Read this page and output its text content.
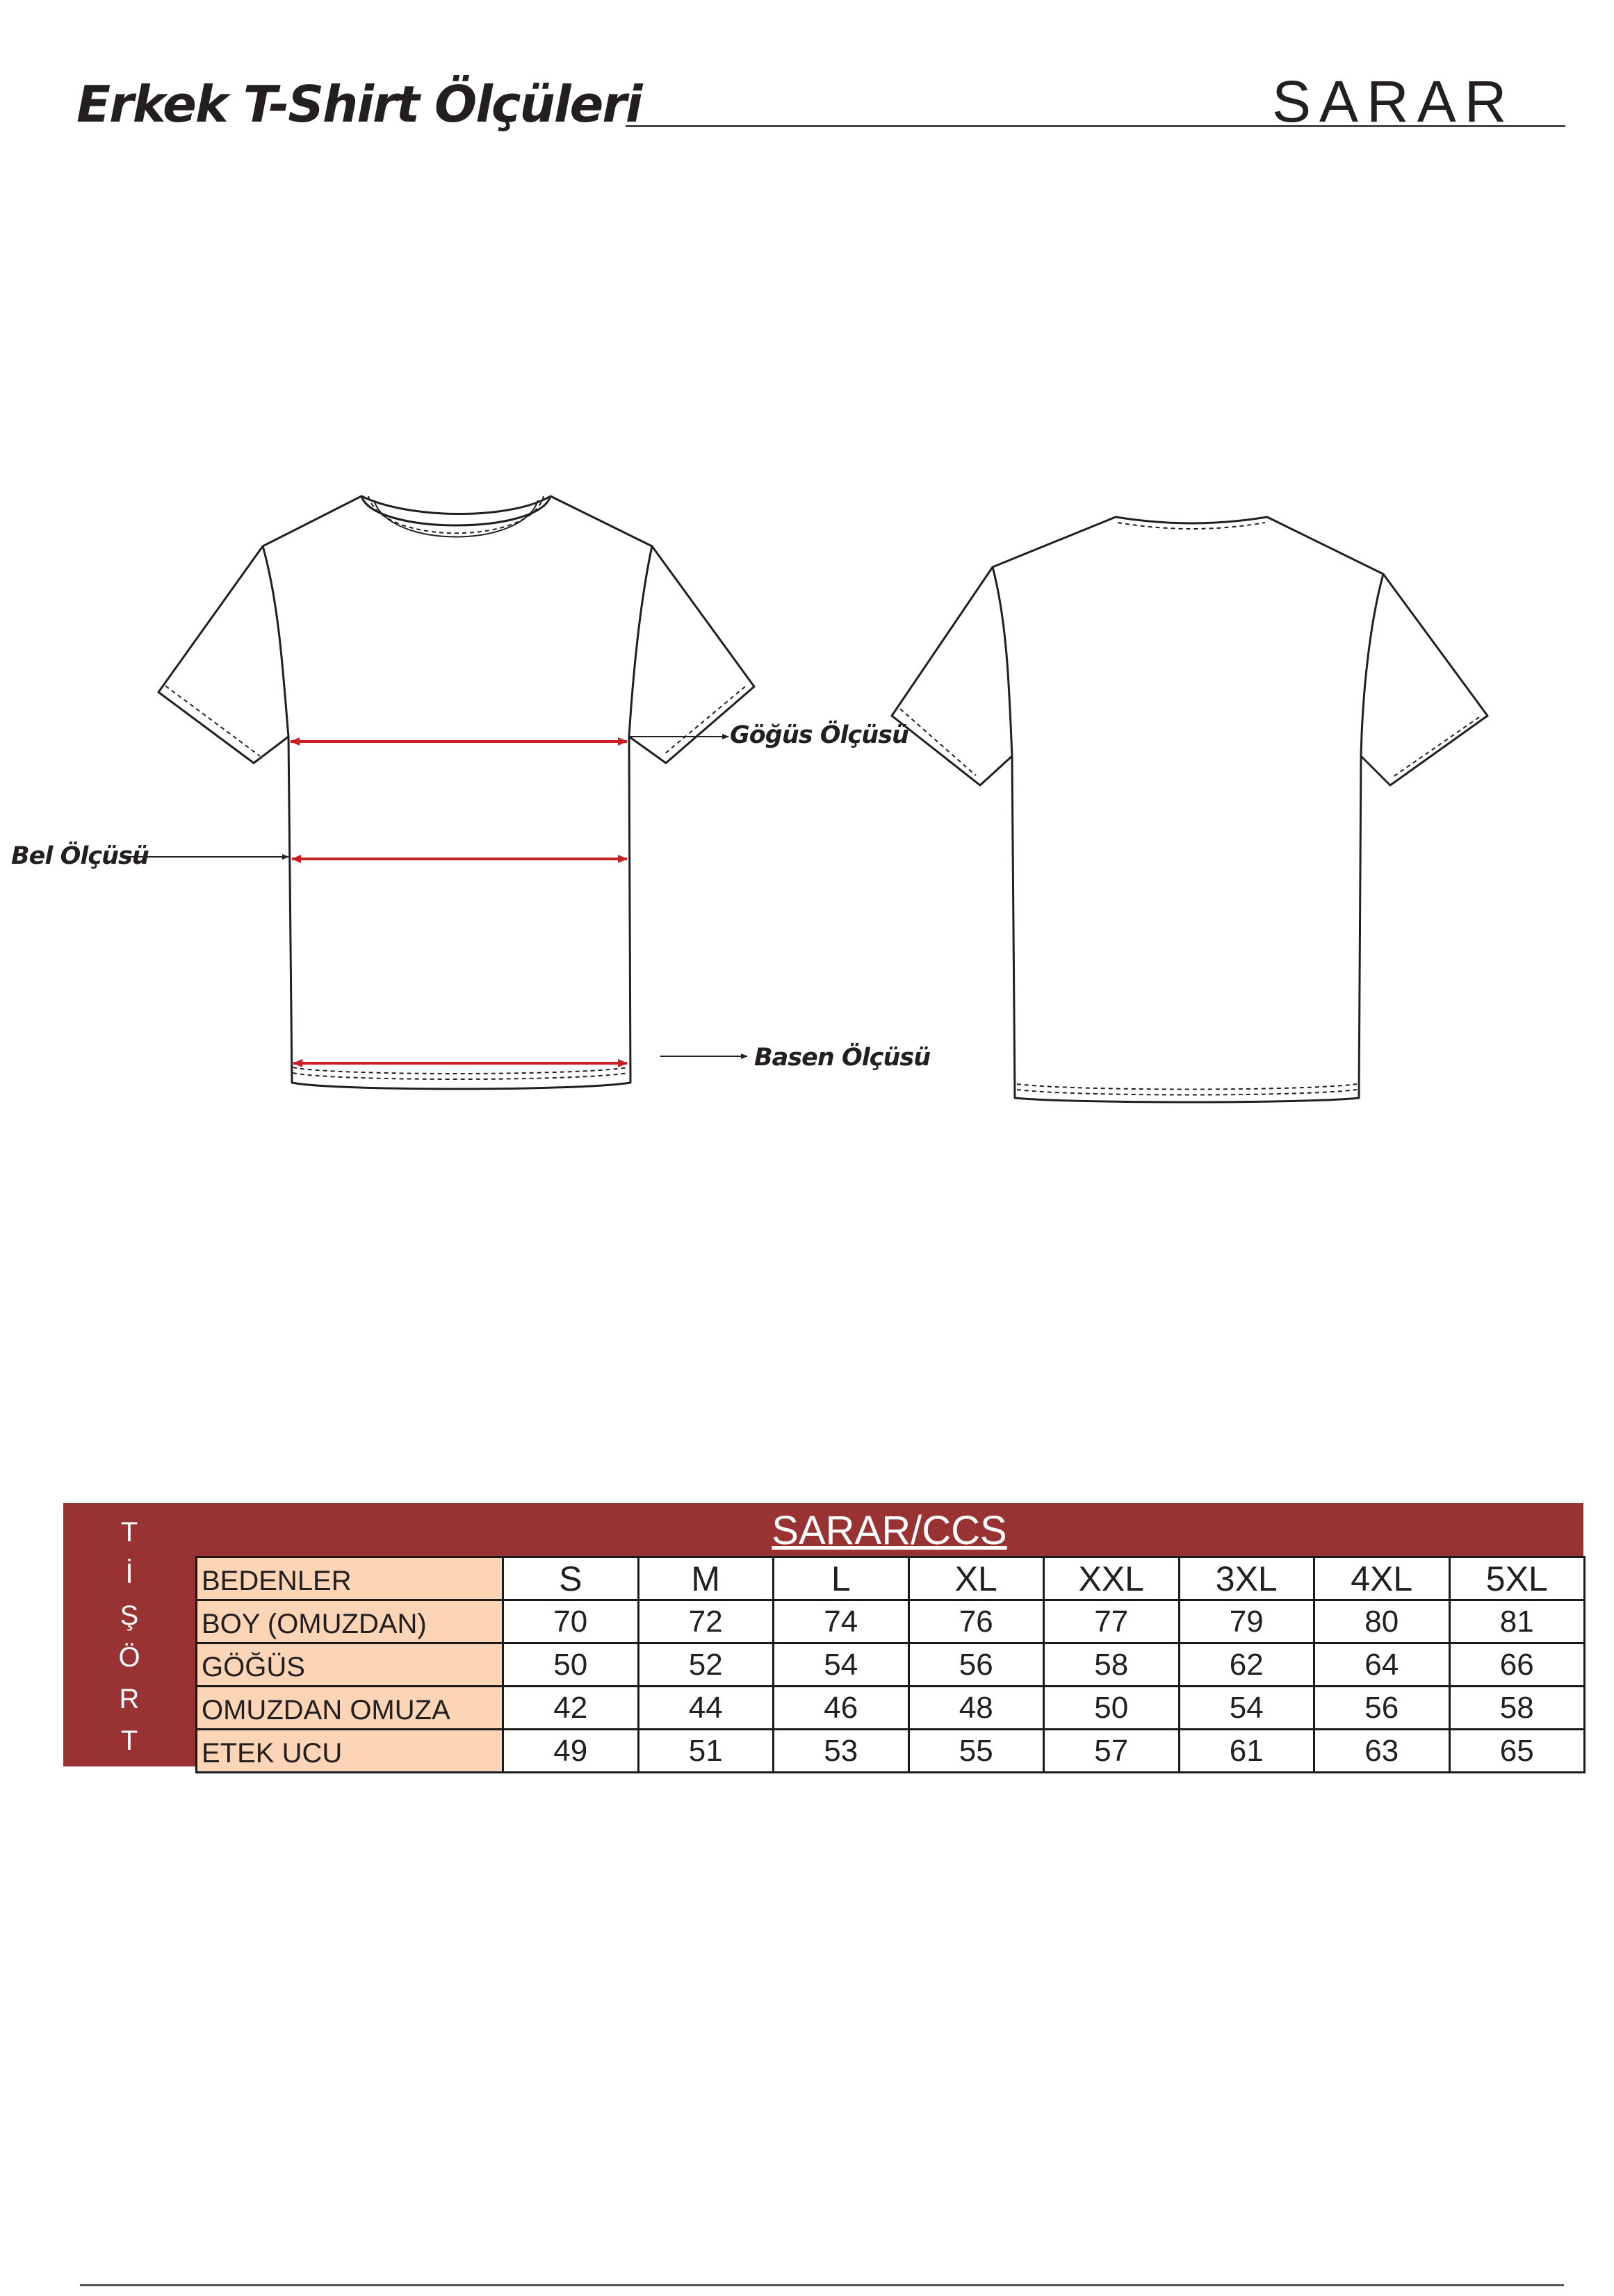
Erkek T-Shirt Ölçüleri	SARAR
Göğüs Ölçüsü
Bel Ölçüsü
Basen Ölçüsü
T
İ
Ş
Ö
R
T
SARAR/CCS
BEDENLER	S	M	L	XL	XXL	3XL	4XL	5XL
BOY (OMUZDAN)	70	72	74	76	77	79	80	81
GÖĞÜS	50	52	54	56	58	62	64	66
OMUZDAN OMUZA	42	44	46	48	50	54	56	58
ETEK UCU	49	51	53	55	57	61	63	65
